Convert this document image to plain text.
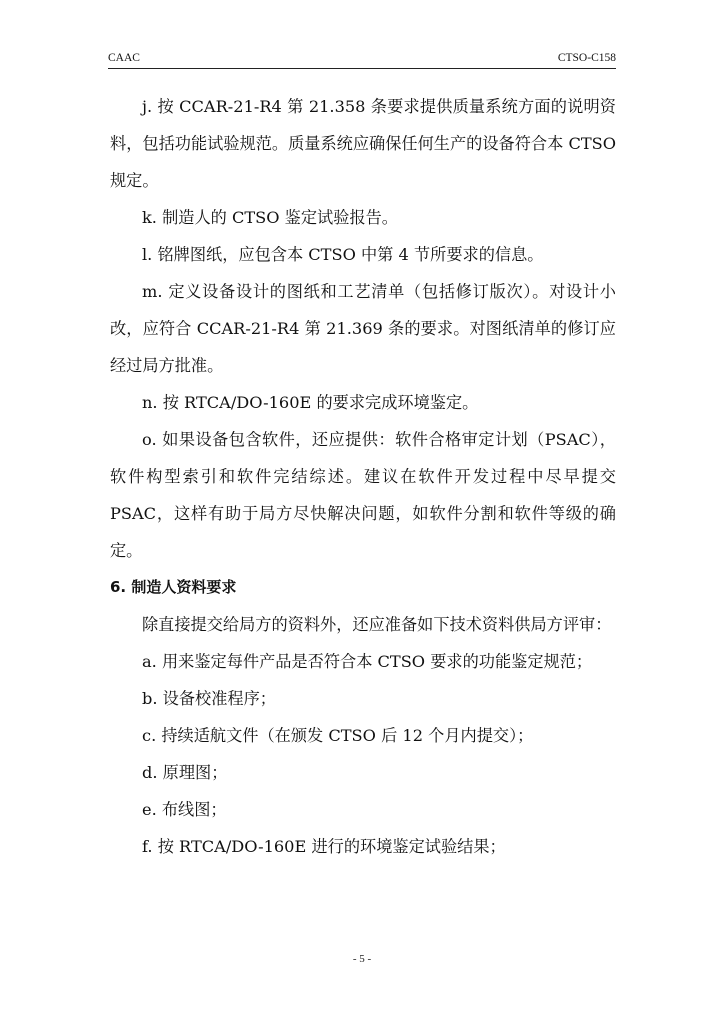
CAAC	CTSO-C158

j. 按 CCAR-21-R4 第 21.358 条要求提供质量系统方面的说明资料，包括功能试验规范。质量系统应确保任何生产的设备符合本 CTSO 规定。

k. 制造人的 CTSO 鉴定试验报告。

l. 铭牌图纸，应包含本 CTSO 中第 4 节所要求的信息。

m. 定义设备设计的图纸和工艺清单（包括修订版次）。对设计小改，应符合 CCAR-21-R4 第 21.369 条的要求。对图纸清单的修订应经过局方批准。

n. 按 RTCA/DO-160E 的要求完成环境鉴定。

o. 如果设备包含软件，还应提供：软件合格审定计划（PSAC），软件构型索引和软件完结综述。建议在软件开发过程中尽早提交 PSAC，这样有助于局方尽快解决问题，如软件分割和软件等级的确定。

6. 制造人资料要求

除直接提交给局方的资料外，还应准备如下技术资料供局方评审：

a. 用来鉴定每件产品是否符合本 CTSO 要求的功能鉴定规范；

b. 设备校准程序；

c. 持续适航文件（在颁发 CTSO 后 12 个月内提交）；

d. 原理图；

e. 布线图；

f. 按 RTCA/DO-160E 进行的环境鉴定试验结果；

- 5 -
